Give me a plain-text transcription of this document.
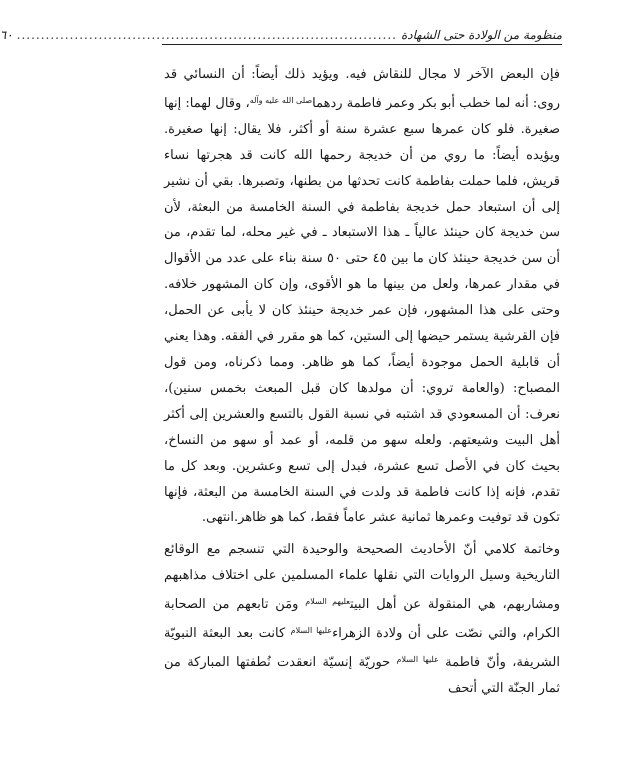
منظومة من الولادة حتى الشهادة
...............................................................................
٦٠

فإن البعض الآخر لا مجال للنقاش فيه. ويؤيد ذلك أيضاً: أن النسائي قد روى: أنه لما خطب أبو بكر وعمر فاطمة ردهما$^{صلى الله عليه وآله}$، وقال لهما: إنها صغيرة. فلو كان عمرها سبع عشرة سنة أو أكثر، فلا يقال: إنها صغيرة. ويؤيده أيضاً: ما روي من أن خديجة رحمها الله كانت قد هجرتها نساء قريش، فلما حملت بفاطمة كانت تحدثها من بطنها، وتصبرها. بقي أن نشير إلى أن استبعاد حمل خديجة بفاطمة في السنة الخامسة من البعثة، لأن سن خديجة كان حينئذ عالياً ـ هذا الاستبعاد ـ في غير محله، لما تقدم، من أن سن خديجة حينئذ كان ما بين ٤٥ حتى ٥٠ سنة بناء على عدد من الأقوال في مقدار عمرها، ولعل من بينها ما هو الأقوى، وإن كان المشهور خلافه. وحتى على هذا المشهور، فإن عمر خديجة حينئذ كان لا يأبى عن الحمل، فإن القرشية يستمر حيضها إلى الستين، كما هو مقرر في الفقه. وهذا يعني أن قابلية الحمل موجودة أيضاً، كما هو ظاهر. ومما ذكرناه، ومن قول المصباح: (والعامة تروي: أن مولدها كان قبل المبعث بخمس سنين)، نعرف: أن المسعودي قد اشتبه في نسبة القول بالتسع والعشرين إلى أكثر أهل البيت وشيعتهم. ولعله سهو من قلمه، أو عمد أو سهو من النساخ، بحيث كان في الأصل تسع عشرة، فبدل إلى تسع وعشرين. وبعد كل ما تقدم، فإنه إذا كانت فاطمة قد ولدت في السنة الخامسة من البعثة، فإنها تكون قد توفيت وعمرها ثمانية عشر عاماً فقط، كما هو ظاهر.انتهى.

وخاتمة كلامي أنّ الأحاديث الصحيحة والوحيدة التي تنسجم مع الوقائع التاريخية وسيل الروايات التي نقلها علماء المسلمين على اختلاف مذاهبهم ومشاربهم، هي المنقولة عن أهل البيت$^{عليهم السلام}$ ومَن تابعهم من الصحابة الكرام، والتي نصّت على أن ولادة الزهراء$^{عليها السلام}$ كانت بعد البعثة النبويّة الشريفة، وأنّ فاطمة $^{عليها السلام}$ حوريّة إنسيّة انعقدت نُطفتها المباركة من ثمار الجنّة التي أتحف
